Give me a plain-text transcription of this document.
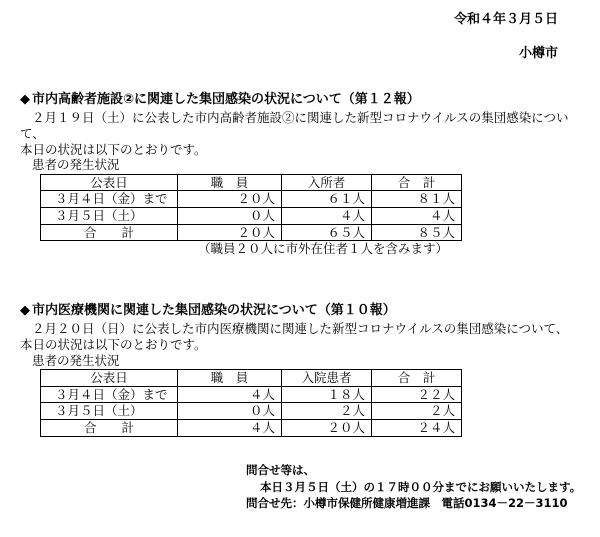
令和４年３月５日
小樽市

◆ 市内高齢者施設②に関連した集団感染の状況について（第１２報）

２月１９日（土）に公表した市内高齢者施設②に関連した新型コロナウイルスの集団感染につい

て、

本日の状況は以下のとおりです。

患者の発生状況

公表日	職　員	入所者	合　計
３月４日（金）まで	２０人	６１人	８１人
３月５日（土）	０人	４人	４人
合　　計	２０人	６５人	８５人

（職員２０人に市外在住者１人を含みます）

◆ 市内医療機関に関連した集団感染の状況について（第１０報）

２月２０日（日）に公表した市内医療機関に関連した新型コロナウイルスの集団感染について、

本日の状況は以下のとおりです。

患者の発生状況

公表日	職　員	入院患者	合　計
３月４日（金）まで	４人	１８人	２２人
３月５日（土）	０人	２人	２人
合　　計	４人	２０人	２４人

問合せ等は、

本日３月５日（土）の１７時００分までにお願いいたします。

問合せ先：小樽市保健所健康増進課　電話0134－22－3110
